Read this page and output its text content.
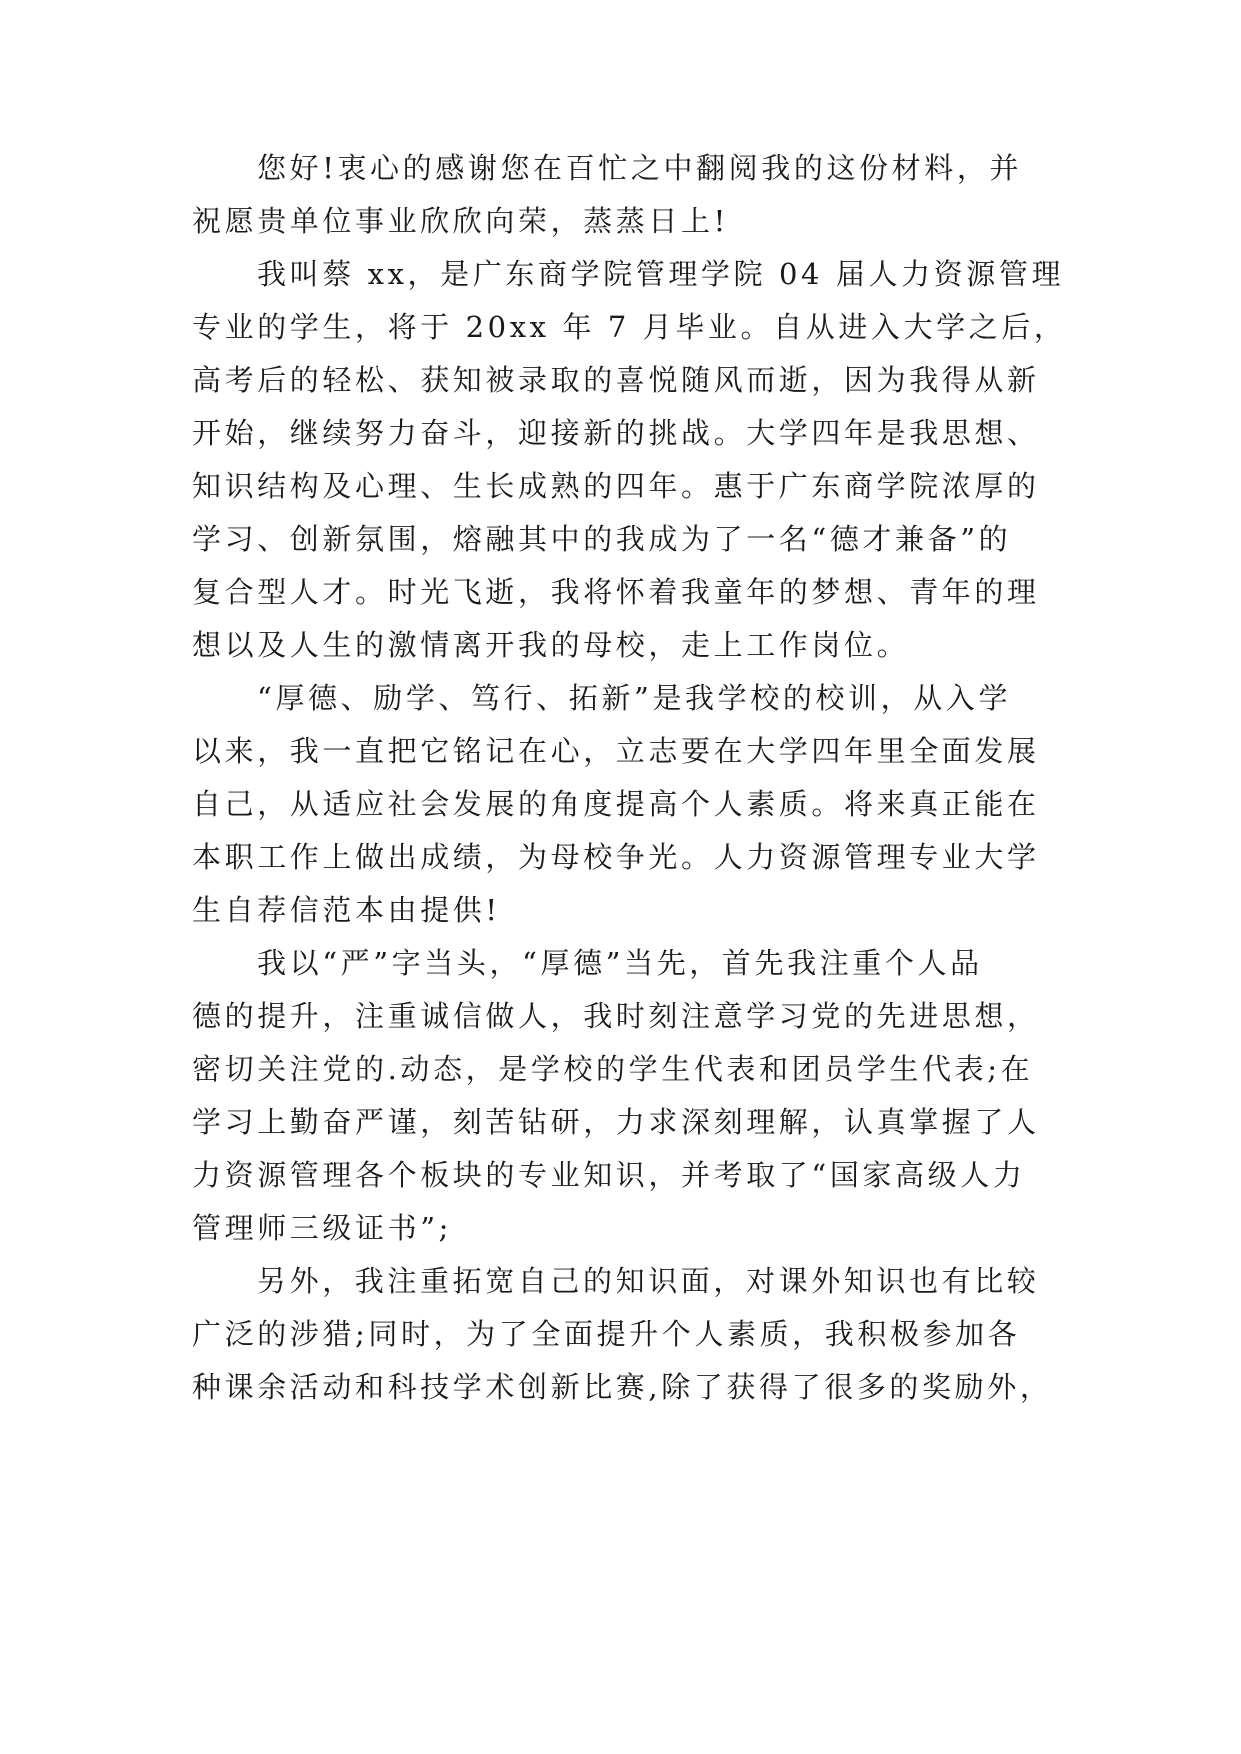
您好!衷心的感谢您在百忙之中翻阅我的这份材料，并
祝愿贵单位事业欣欣向荣，蒸蒸日上!
我叫蔡 xx，是广东商学院管理学院 04 届人力资源管理
专业的学生，将于 20xx 年 7 月毕业。自从进入大学之后，
高考后的轻松、获知被录取的喜悦随风而逝，因为我得从新
开始，继续努力奋斗，迎接新的挑战。大学四年是我思想、
知识结构及心理、生长成熟的四年。惠于广东商学院浓厚的
学习、创新氛围，熔融其中的我成为了一名“德才兼备”的
复合型人才。时光飞逝，我将怀着我童年的梦想、青年的理
想以及人生的激情离开我的母校，走上工作岗位。
“厚德、励学、笃行、拓新”是我学校的校训，从入学
以来，我一直把它铭记在心，立志要在大学四年里全面发展
自己，从适应社会发展的角度提高个人素质。将来真正能在
本职工作上做出成绩，为母校争光。人力资源管理专业大学
生自荐信范本由提供!
我以“严”字当头，“厚德”当先，首先我注重个人品
德的提升，注重诚信做人，我时刻注意学习党的先进思想，
密切关注党的.动态，是学校的学生代表和团员学生代表;在
学习上勤奋严谨，刻苦钻研，力求深刻理解，认真掌握了人
力资源管理各个板块的专业知识，并考取了“国家高级人力
管理师三级证书”;
另外，我注重拓宽自己的知识面，对课外知识也有比较
广泛的涉猎;同时，为了全面提升个人素质，我积极参加各
种课余活动和科技学术创新比赛,除了获得了很多的奖励外，
